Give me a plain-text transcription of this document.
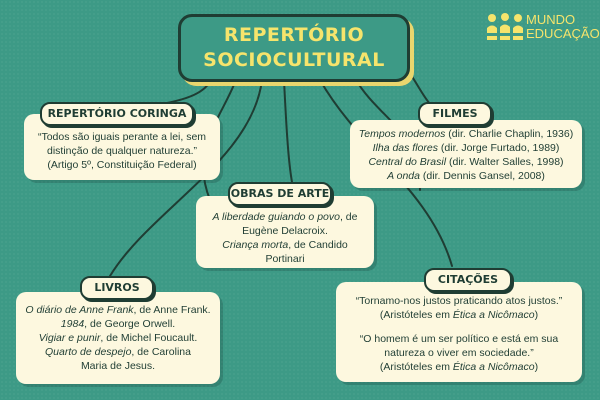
REPERTÓRIO
SOCIOCULTURAL
MUNDO
EDUCAÇÃO

“Todos são iguais perante a lei, sem

distinção de qualquer natureza.”

(Artigo 5º, Constituição Federal)

REPERTÓRIO CORINGA

Tempos modernos (dir. Charlie Chaplin, 1936)

Ilha das flores (dir. Jorge Furtado, 1989)

Central do Brasil (dir. Walter Salles, 1998)

A onda (dir. Dennis Gansel, 2008)

FILMES

A liberdade guiando o povo, de

Eugène Delacroix.

Criança morta, de Candido

Portinari

OBRAS DE ARTE

O diário de Anne Frank, de Anne Frank.

1984, de George Orwell.

Vigiar e punir, de Michel Foucault.

Quarto de despejo, de Carolina

Maria de Jesus.

LIVROS

“Tornamo-nos justos praticando atos justos.”

(Aristóteles em Ética a Nicômaco)

“O homem é um ser político e está em sua

natureza o viver em sociedade.”

(Aristóteles em Ética a Nicômaco)

CITAÇÕES
